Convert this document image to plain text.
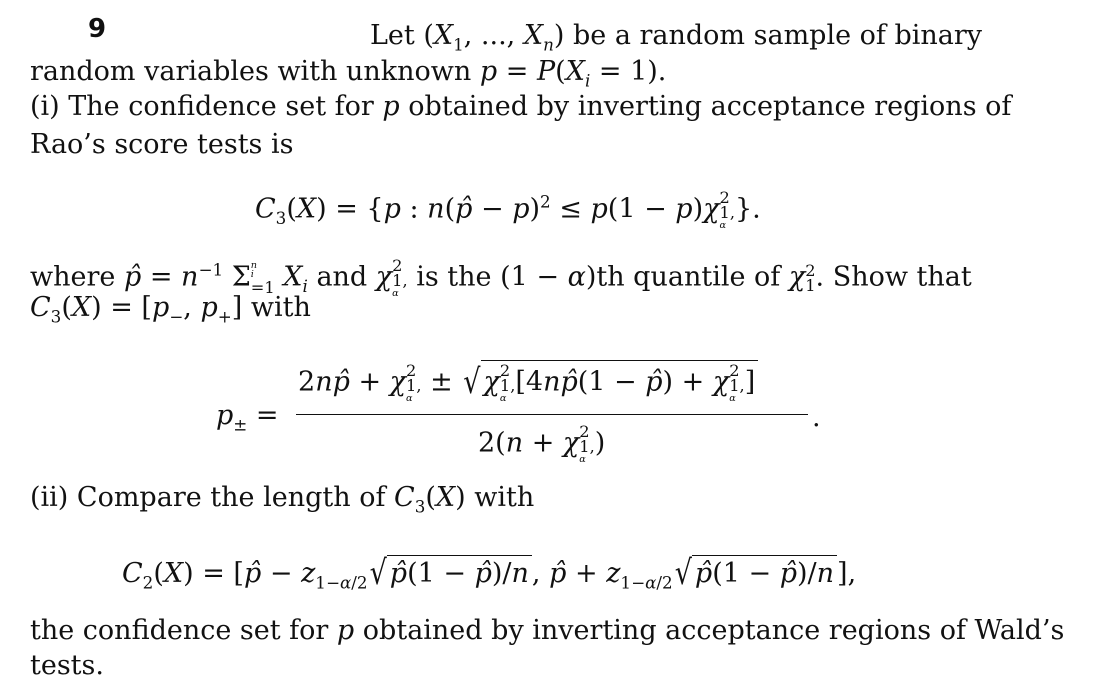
9	Let ($X_1$, ..., $X_n$) be a random sample of binary
random variables with unknown $p = P(X_i = 1)$.
(i) The confidence set for p obtained by inverting acceptance regions of
Rao’s score tests is
$C_3(X) = \{p$ : n(p̂ − p)$^2$ ≤ p(1 − p)χ 2
1,
α
}.
where p̂ = $n^{-1}$ Σ n
i
=1 $X_i$ and χ 2
1,
α
is the (1 − α)th quantile of χ 2
1 . Show that
$C_3(X) = [p_-$, $p_+$] with
$p_\pm$ =
2np̂ + χ 2
1,
α
± √ χ 2
1,
α
[4np̂(1 − p̂) + χ 2
1,
α
]
.
2(n + χ 2
1,
α
)
(ii) Compare the length of $C_3(X)$ with
$C_2(X)$ = [p̂ − $z_{1-\alpha/2}√$ p̂(1 − p̂)/n , p̂ + $z_{1-\alpha/2}√$ p̂(1 − p̂)/n ],
the confidence set for p obtained by inverting acceptance regions of Wald’s
tests.
